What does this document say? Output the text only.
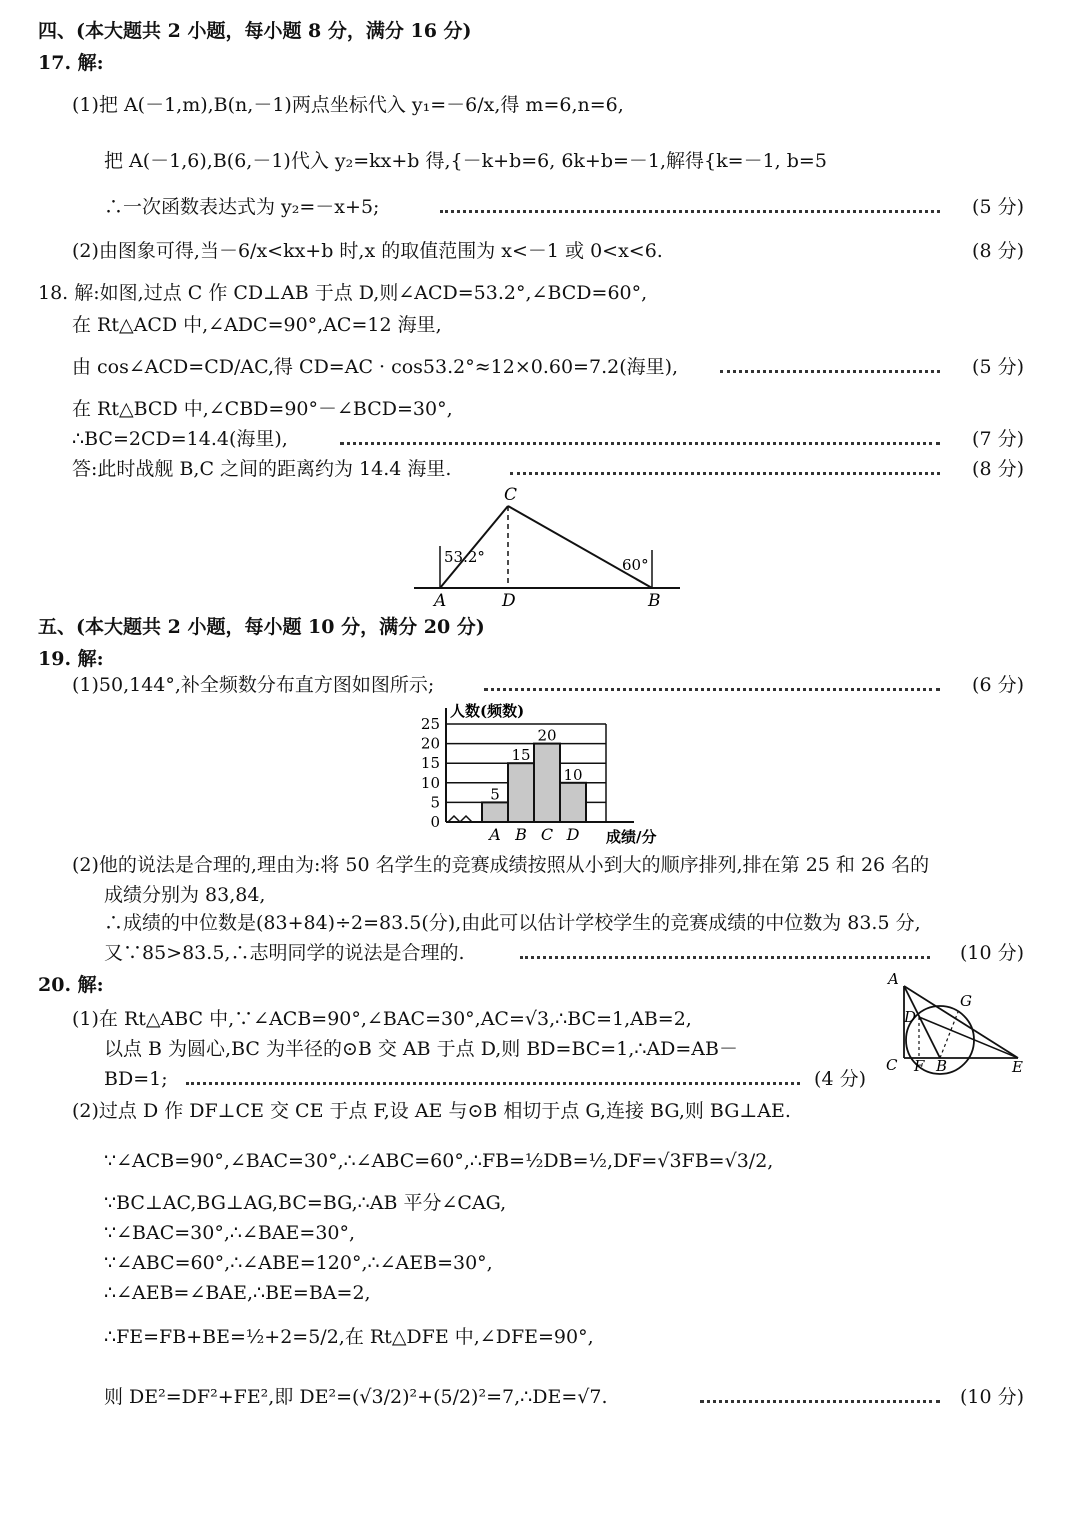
四、(本大题共 2 小题，每小题 8 分，满分 16 分)
17. 解:
(1)把 A(－1,m),B(n,－1)两点坐标代入 y₁=－6/x,得 m=6,n=6,
把 A(－1,6),B(6,－1)代入 y₂=kx+b 得,{－k+b=6, 6k+b=－1,解得{k=－1, b=5
∴一次函数表达式为 y₂=－x+5;	(5 分)
(2)由图象可得,当－6/x<kx+b 时,x 的取值范围为 x<－1 或 0<x<6.	(8 分)
18. 解:如图,过点 C 作 CD⊥AB 于点 D,则∠ACD=53.2°,∠BCD=60°,
在 Rt△ACD 中,∠ADC=90°,AC=12 海里,
由 cos∠ACD=CD/AC,得 CD=AC · cos53.2°≈12×0.60=7.2(海里),	(5 分)
在 Rt△BCD 中,∠CBD=90°－∠BCD=30°,
∴BC=2CD=14.4(海里),	(7 分)
答:此时战舰 B,C 之间的距离约为 14.4 海里.	(8 分)
C
A	D	B
53.2°	60°
五、(本大题共 2 小题，每小题 10 分，满分 20 分)
19. 解:
(1)50,144°,补全频数分布直方图如图所示;	(6 分)
人数(频数)
成绩/分
0
5
10
15
20
25
5
A
15
B
20
C
10
D
(2)他的说法是合理的,理由为:将 50 名学生的竞赛成绩按照从小到大的顺序排列,排在第 25 和 26 名的
成绩分别为 83,84,
∴成绩的中位数是(83+84)÷2=83.5(分),由此可以估计学校学生的竞赛成绩的中位数为 83.5 分,
又∵85>83.5,∴志明同学的说法是合理的.	(10 分)
20. 解:
(1)在 Rt△ABC 中,∵∠ACB=90°,∠BAC=30°,AC=√3,∴BC=1,AB=2,
以点 B 为圆心,BC 为半径的⊙B 交 AB 于点 D,则 BD=BC=1,∴AD=AB－
BD=1;	(4 分)
A
G
D
C F B	E
(2)过点 D 作 DF⊥CE 交 CE 于点 F,设 AE 与⊙B 相切于点 G,连接 BG,则 BG⊥AE.
∵∠ACB=90°,∠BAC=30°,∴∠ABC=60°,∴FB=½DB=½,DF=√3FB=√3/2,
∵BC⊥AC,BG⊥AG,BC=BG,∴AB 平分∠CAG,
∵∠BAC=30°,∴∠BAE=30°,
∵∠ABC=60°,∴∠ABE=120°,∴∠AEB=30°,
∴∠AEB=∠BAE,∴BE=BA=2,
∴FE=FB+BE=½+2=5/2,在 Rt△DFE 中,∠DFE=90°,
则 DE²=DF²+FE²,即 DE²=(√3/2)²+(5/2)²=7,∴DE=√7.	(10 分)
